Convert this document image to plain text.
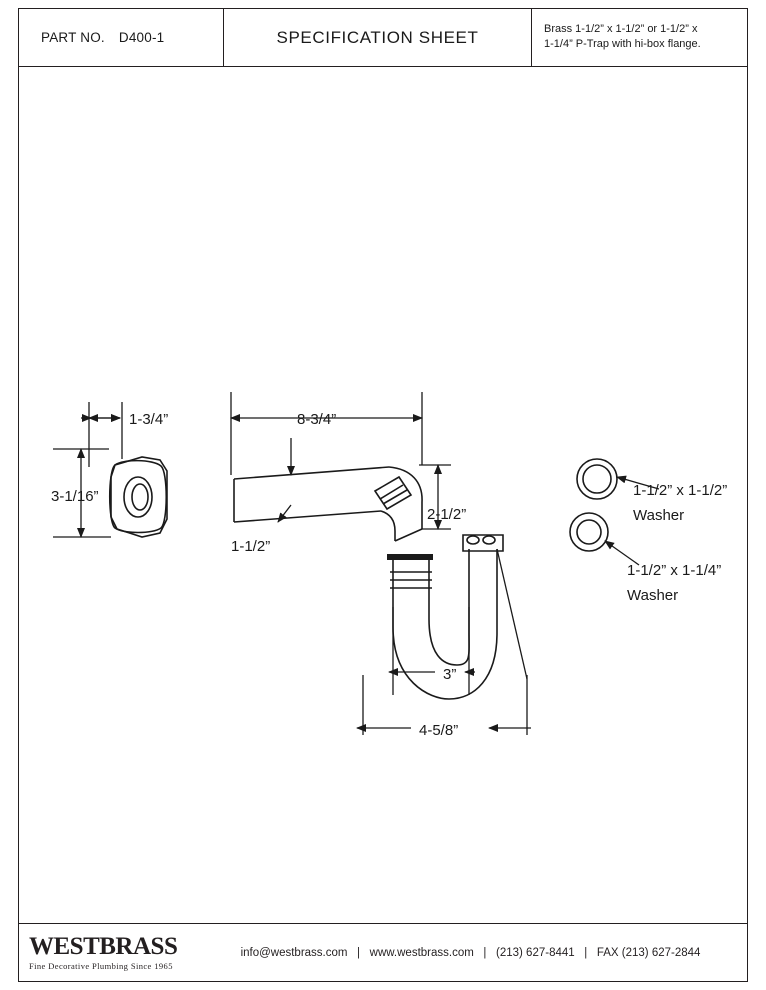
PART NO. D400-1	SPECIFICATION SHEET	Brass 1-1/2” x 1-1/2” or 1-1/2” x
1-1/4” P-Trap with hi-box flange.
1-3/4”
3-1/16”
8-3/4”
1-1/2”
2-1/2”
3”
4-5/8”
1-1/2” x 1-1/2”
Washer
1-1/2” x 1-1/4”
Washer
WESTBRASS
Fine Decorative Plumbing Since 1965
info@westbrass.com   |   www.westbrass.com   |   (213) 627-8441   |   FAX (213) 627-2844
